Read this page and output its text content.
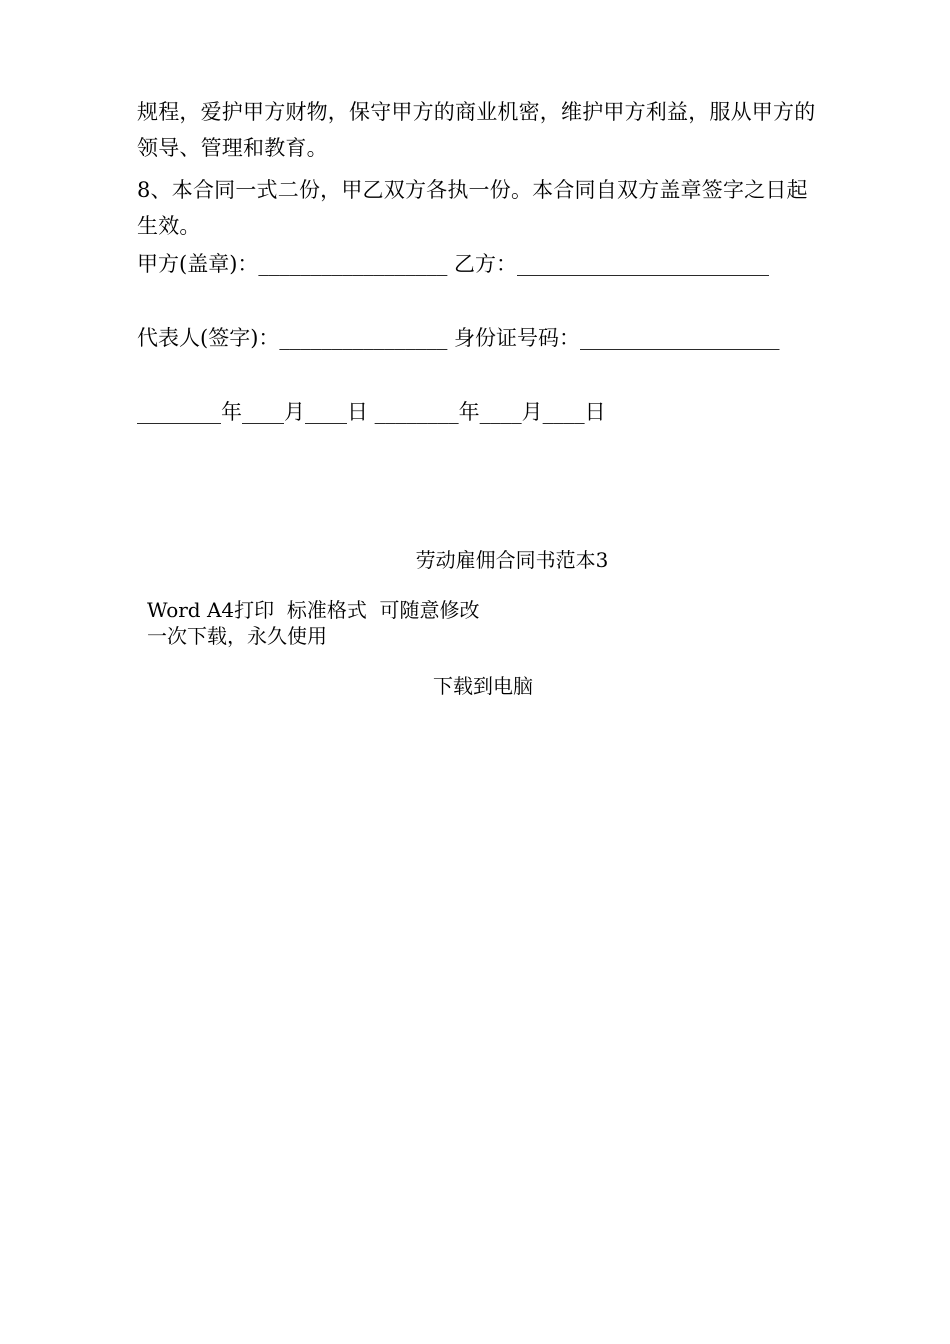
规程，爱护甲方财物，保守甲方的商业机密，维护甲方利益，服从甲方的领导、管理和教育。
8、本合同一式二份，甲乙双方各执一份。本合同自双方盖章签字之日起生效。
甲方(盖章)：__________________ 乙方：________________________
代表人(签字)：________________ 身份证号码：___________________
________年____月____日 ________年____月____日
劳动雇佣合同书范本3
Word A4打印  标准格式  可随意修改
一次下载，永久使用
下载到电脑
